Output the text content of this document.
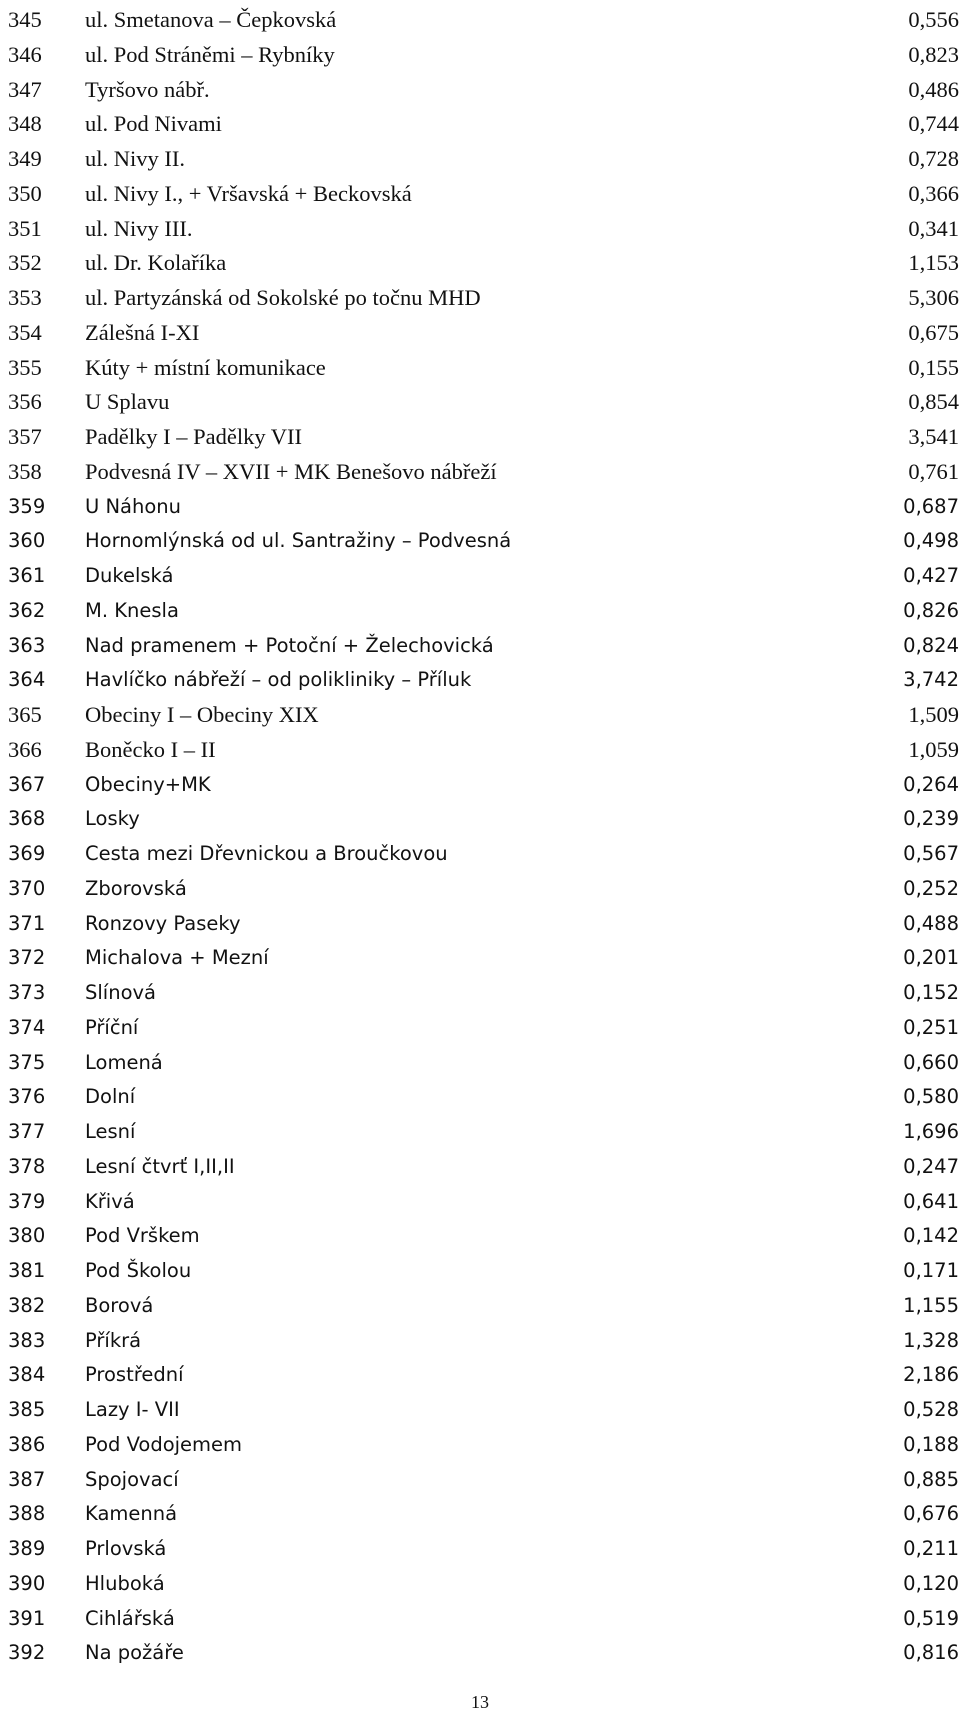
345 ul. Smetanova – Čepkovská	0,556
346 ul. Pod Stráněmi – Rybníky	0,823
347 Tyršovo nábř.	0,486
348 ul. Pod Nivami	0,744
349 ul. Nivy II.	0,728
350 ul. Nivy I., + Vršavská + Beckovská	0,366
351 ul. Nivy III.	0,341
352 ul. Dr. Kolaříka	1,153
353 ul. Partyzánská od Sokolské po točnu MHD	5,306
354 Zálešná I-XI	0,675
355 Kúty + místní komunikace	0,155
356 U Splavu	0,854
357 Padělky I – Padělky VII	3,541
358 Podvesná IV – XVII + MK Benešovo nábřeží	0,761
359 U Náhonu	0,687
360 Hornomlýnská od ul. Santražiny – Podvesná	0,498
361 Dukelská	0,427
362 M. Knesla	0,826
363 Nad pramenem + Potoční + Želechovická	0,824
364 Havlíčko nábřeží – od polikliniky – Příluk	3,742
365 Obeciny I – Obeciny XIX	1,509
366 Boněcko I – II	1,059
367 Obeciny+MK	0,264
368 Losky	0,239
369 Cesta mezi Dřevnickou a Broučkovou	0,567
370 Zborovská	0,252
371 Ronzovy Paseky	0,488
372 Michalova + Mezní	0,201
373 Slínová	0,152
374 Příční	0,251
375 Lomená	0,660
376 Dolní	0,580
377 Lesní	1,696
378 Lesní čtvrť I,II,II	0,247
379 Křivá	0,641
380 Pod Vrškem	0,142
381 Pod Školou	0,171
382 Borová	1,155
383 Příkrá	1,328
384 Prostřední	2,186
385 Lazy I- VII	0,528
386 Pod Vodojemem	0,188
387 Spojovací	0,885
388 Kamenná	0,676
389 Prlovská	0,211
390 Hluboká	0,120
391 Cihlářská	0,519
392 Na požáře	0,816
13
